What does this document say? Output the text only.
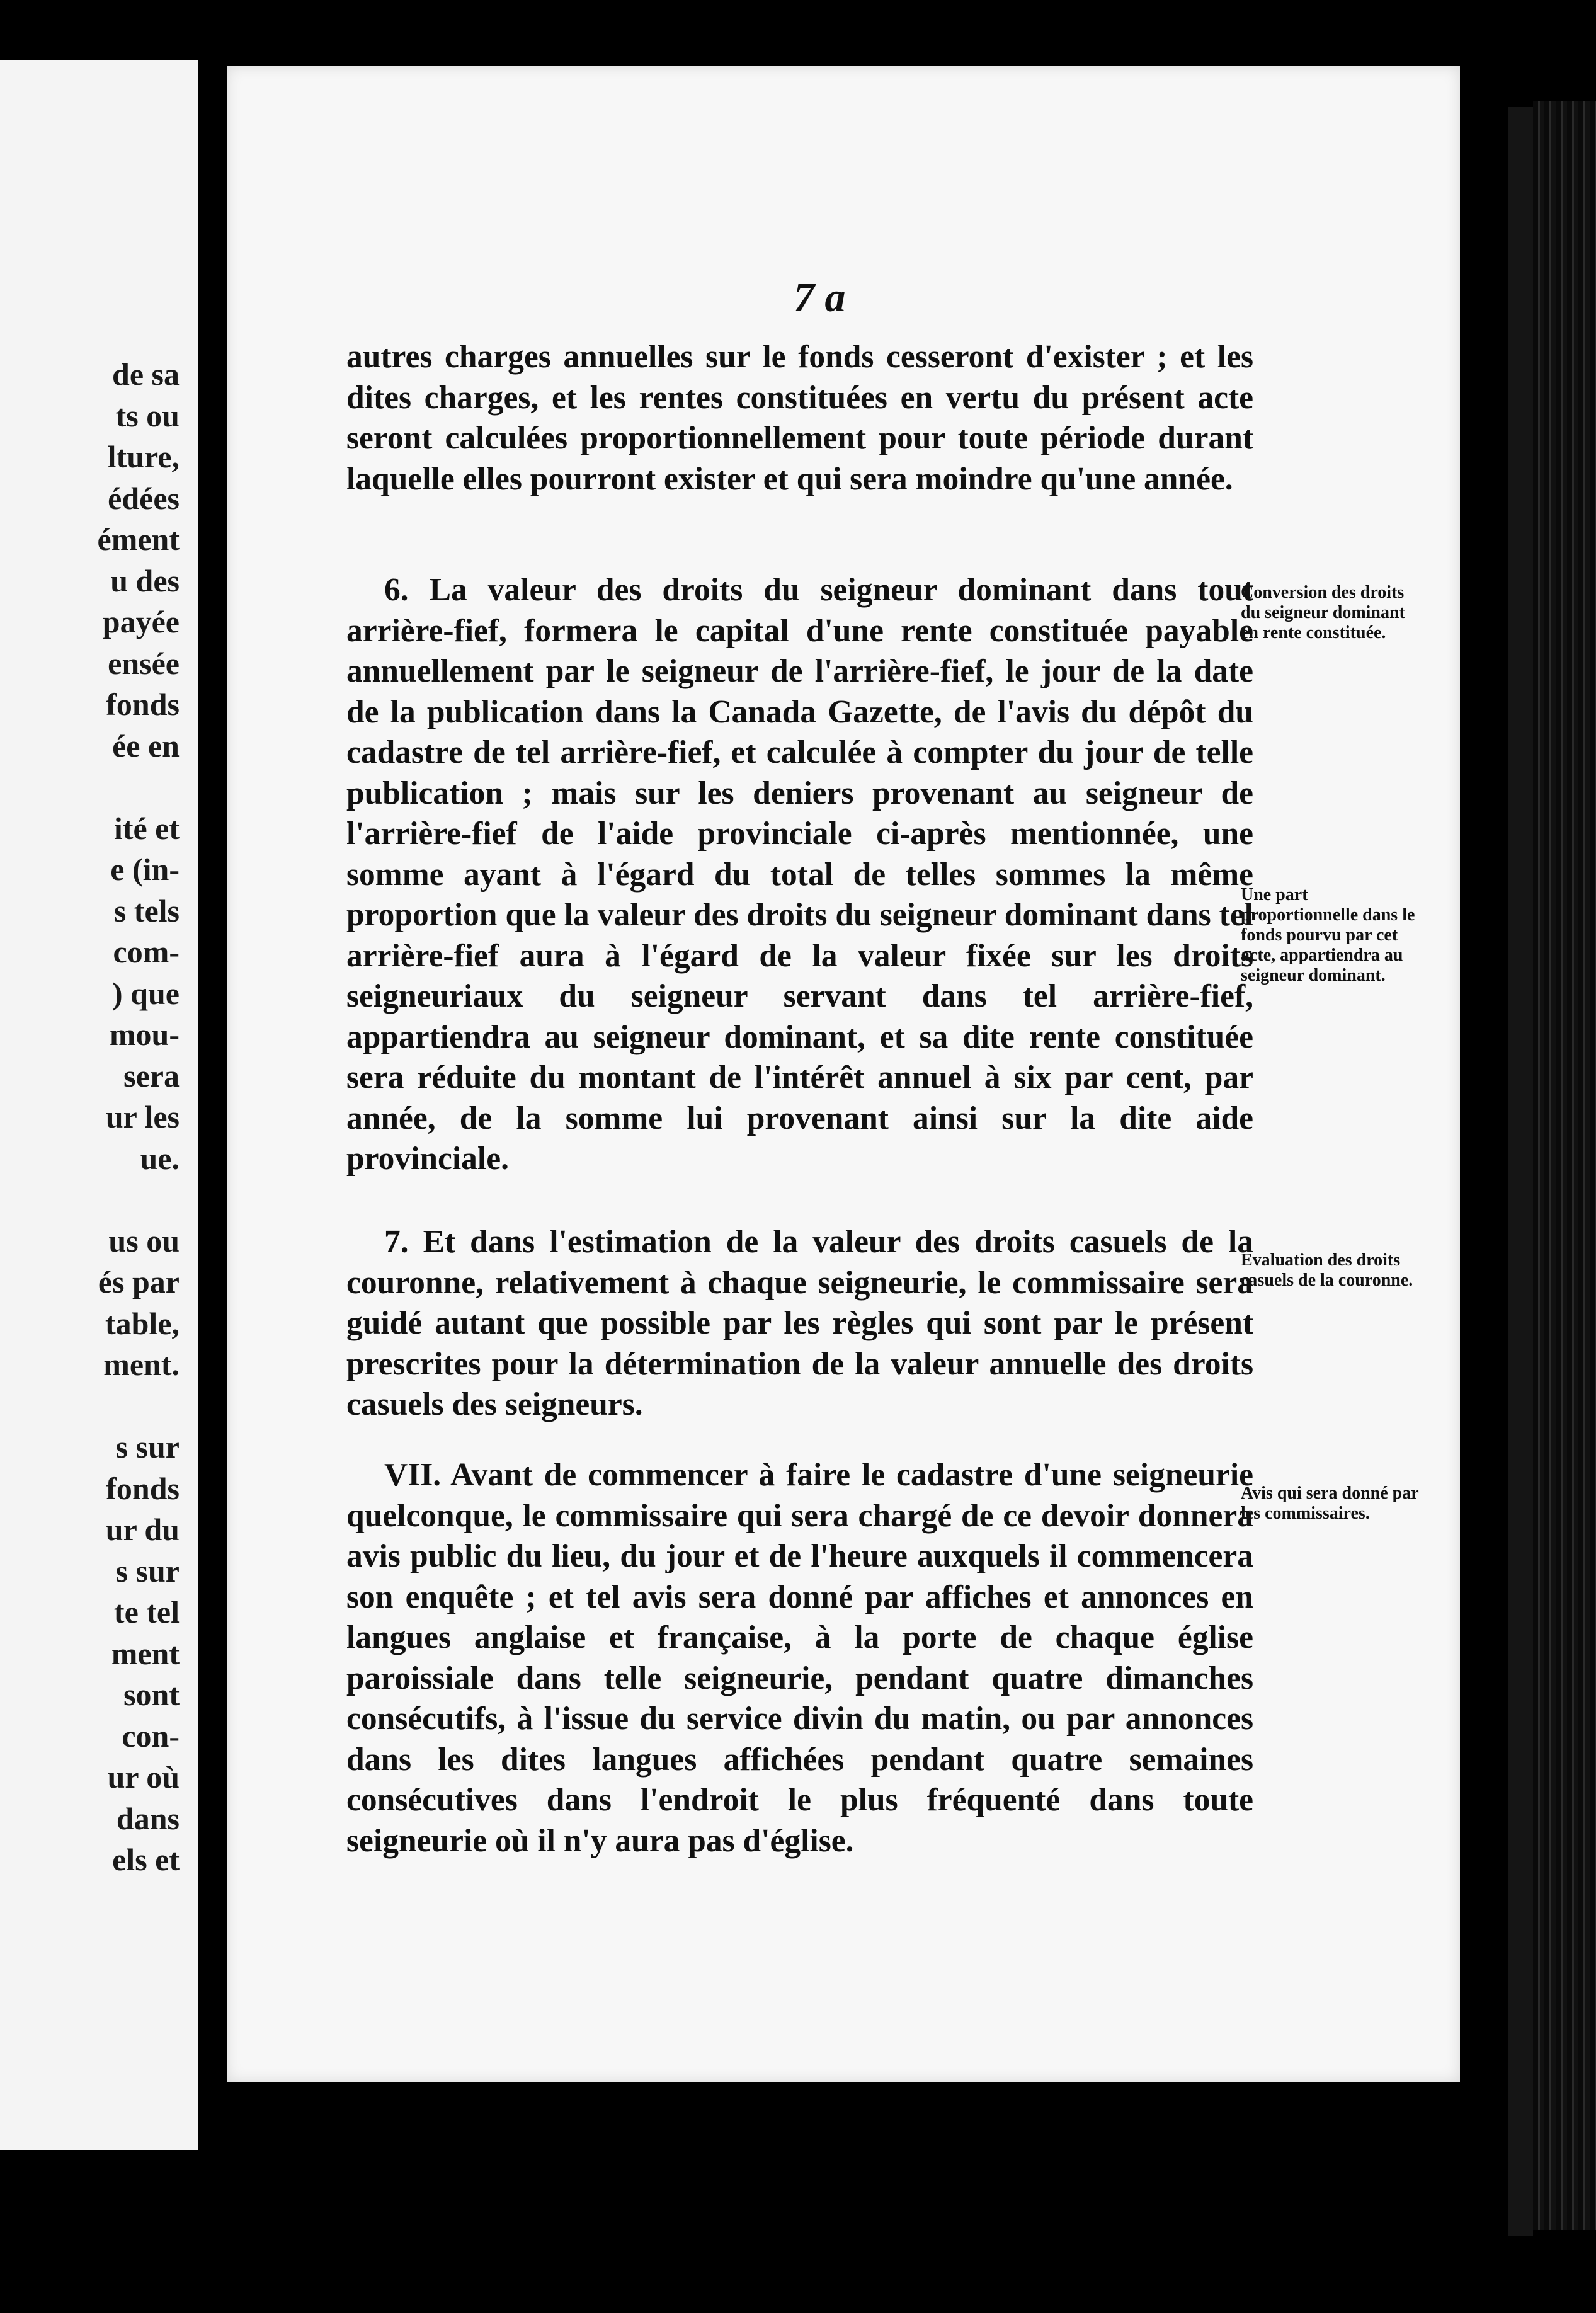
de sa
ts ou
lture,
édées
ément
u des
payée
ensée
fonds
ée en
ité et
e (in-
s tels
com-
) que
mou-
sera
ur les
ue.
us ou
és par
table,
ment.
s sur
fonds
ur du
s sur
te tel
ment
sont
con-
ur où
dans
els et
7 a

autres charges annuelles sur le fonds cesseront d'exister ; et les dites charges, et les rentes constituées en vertu du présent acte seront calculées proportionnellement pour toute période durant laquelle elles pourront exister et qui sera moindre qu'une année.

6. La valeur des droits du seigneur dominant dans tout arrière-fief, formera le capital d'une rente constituée payable annuellement par le seigneur de l'arrière-fief, le jour de la date de la publication dans la Canada Gazette, de l'avis du dépôt du cadastre de tel arrière-fief, et calculée à compter du jour de telle publication ; mais sur les deniers provenant au seigneur de l'arrière-fief de l'aide provinciale ci-après mentionnée, une somme ayant à l'égard du total de telles sommes la même proportion que la valeur des droits du seigneur dominant dans tel arrière-fief aura à l'égard de la valeur fixée sur les droits seigneuriaux du seigneur servant dans tel arrière-fief, appartiendra au seigneur dominant, et sa dite rente constituée sera réduite du montant de l'intérêt annuel à six par cent, par année, de la somme lui provenant ainsi sur la dite aide provinciale.

7. Et dans l'estimation de la valeur des droits casuels de la couronne, relativement à chaque seigneurie, le commissaire sera guidé autant que possible par les règles qui sont par le présent prescrites pour la détermination de la valeur annuelle des droits casuels des seigneurs.

VII. Avant de commencer à faire le cadastre d'une seigneurie quelconque, le commissaire qui sera chargé de ce devoir donnera avis public du lieu, du jour et de l'heure auxquels il commencera son enquête ; et tel avis sera donné par affiches et annonces en langues anglaise et française, à la porte de chaque église paroissiale dans telle seigneurie, pendant quatre dimanches consécutifs, à l'issue du service divin du matin, ou par annonces dans les dites langues affichées pendant quatre semaines consécutives dans l'endroit le plus fréquenté dans toute seigneurie où il n'y aura pas d'église.

Conversion des droits du seigneur dominant en rente constituée.

Une part proportionnelle dans le fonds pourvu par cet acte, appartiendra au seigneur dominant.

Evaluation des droits casuels de la couronne.

Avis qui sera donné par les commissaires.
